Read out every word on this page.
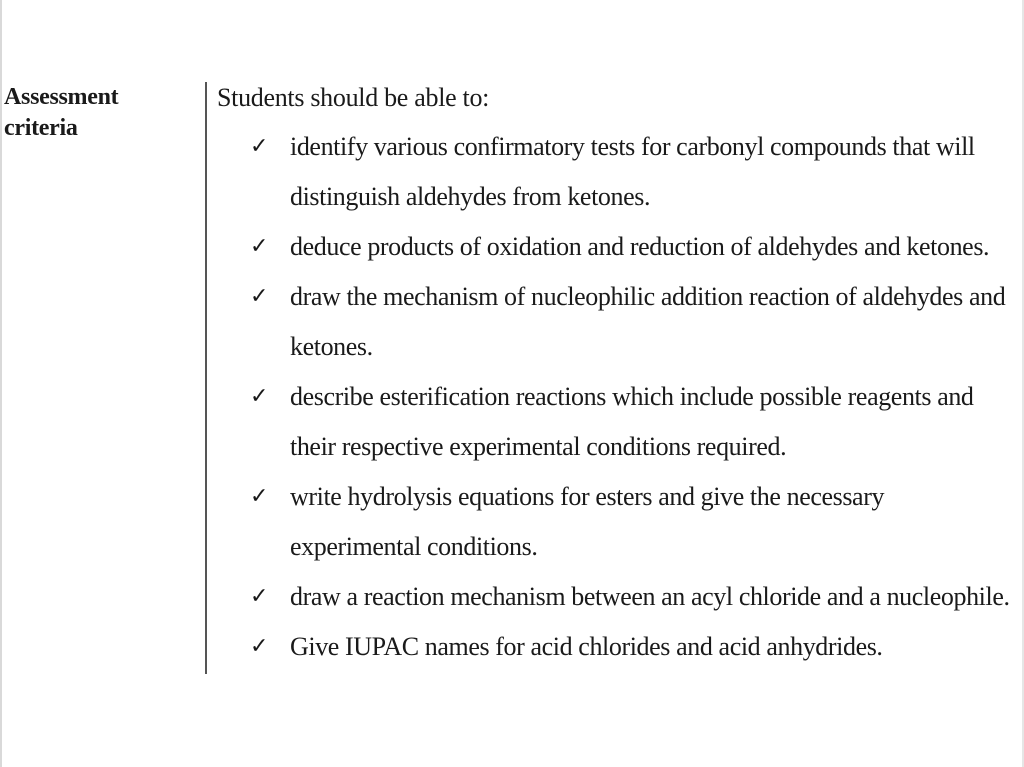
Assessment
criteria
Students should be able to:
✓ identify various confirmatory tests for carbonyl compounds that will distinguish aldehydes from ketones.
✓ deduce products of oxidation and reduction of aldehydes and ketones.
✓ draw the mechanism of nucleophilic addition reaction of aldehydes and ketones.
✓ describe esterification reactions which include possible reagents and their respective experimental conditions required.
✓ write hydrolysis equations for esters and give the necessary experimental conditions.
✓ draw a reaction mechanism between an acyl chloride and a nucleophile.
✓ Give IUPAC names for acid chlorides and acid anhydrides.
